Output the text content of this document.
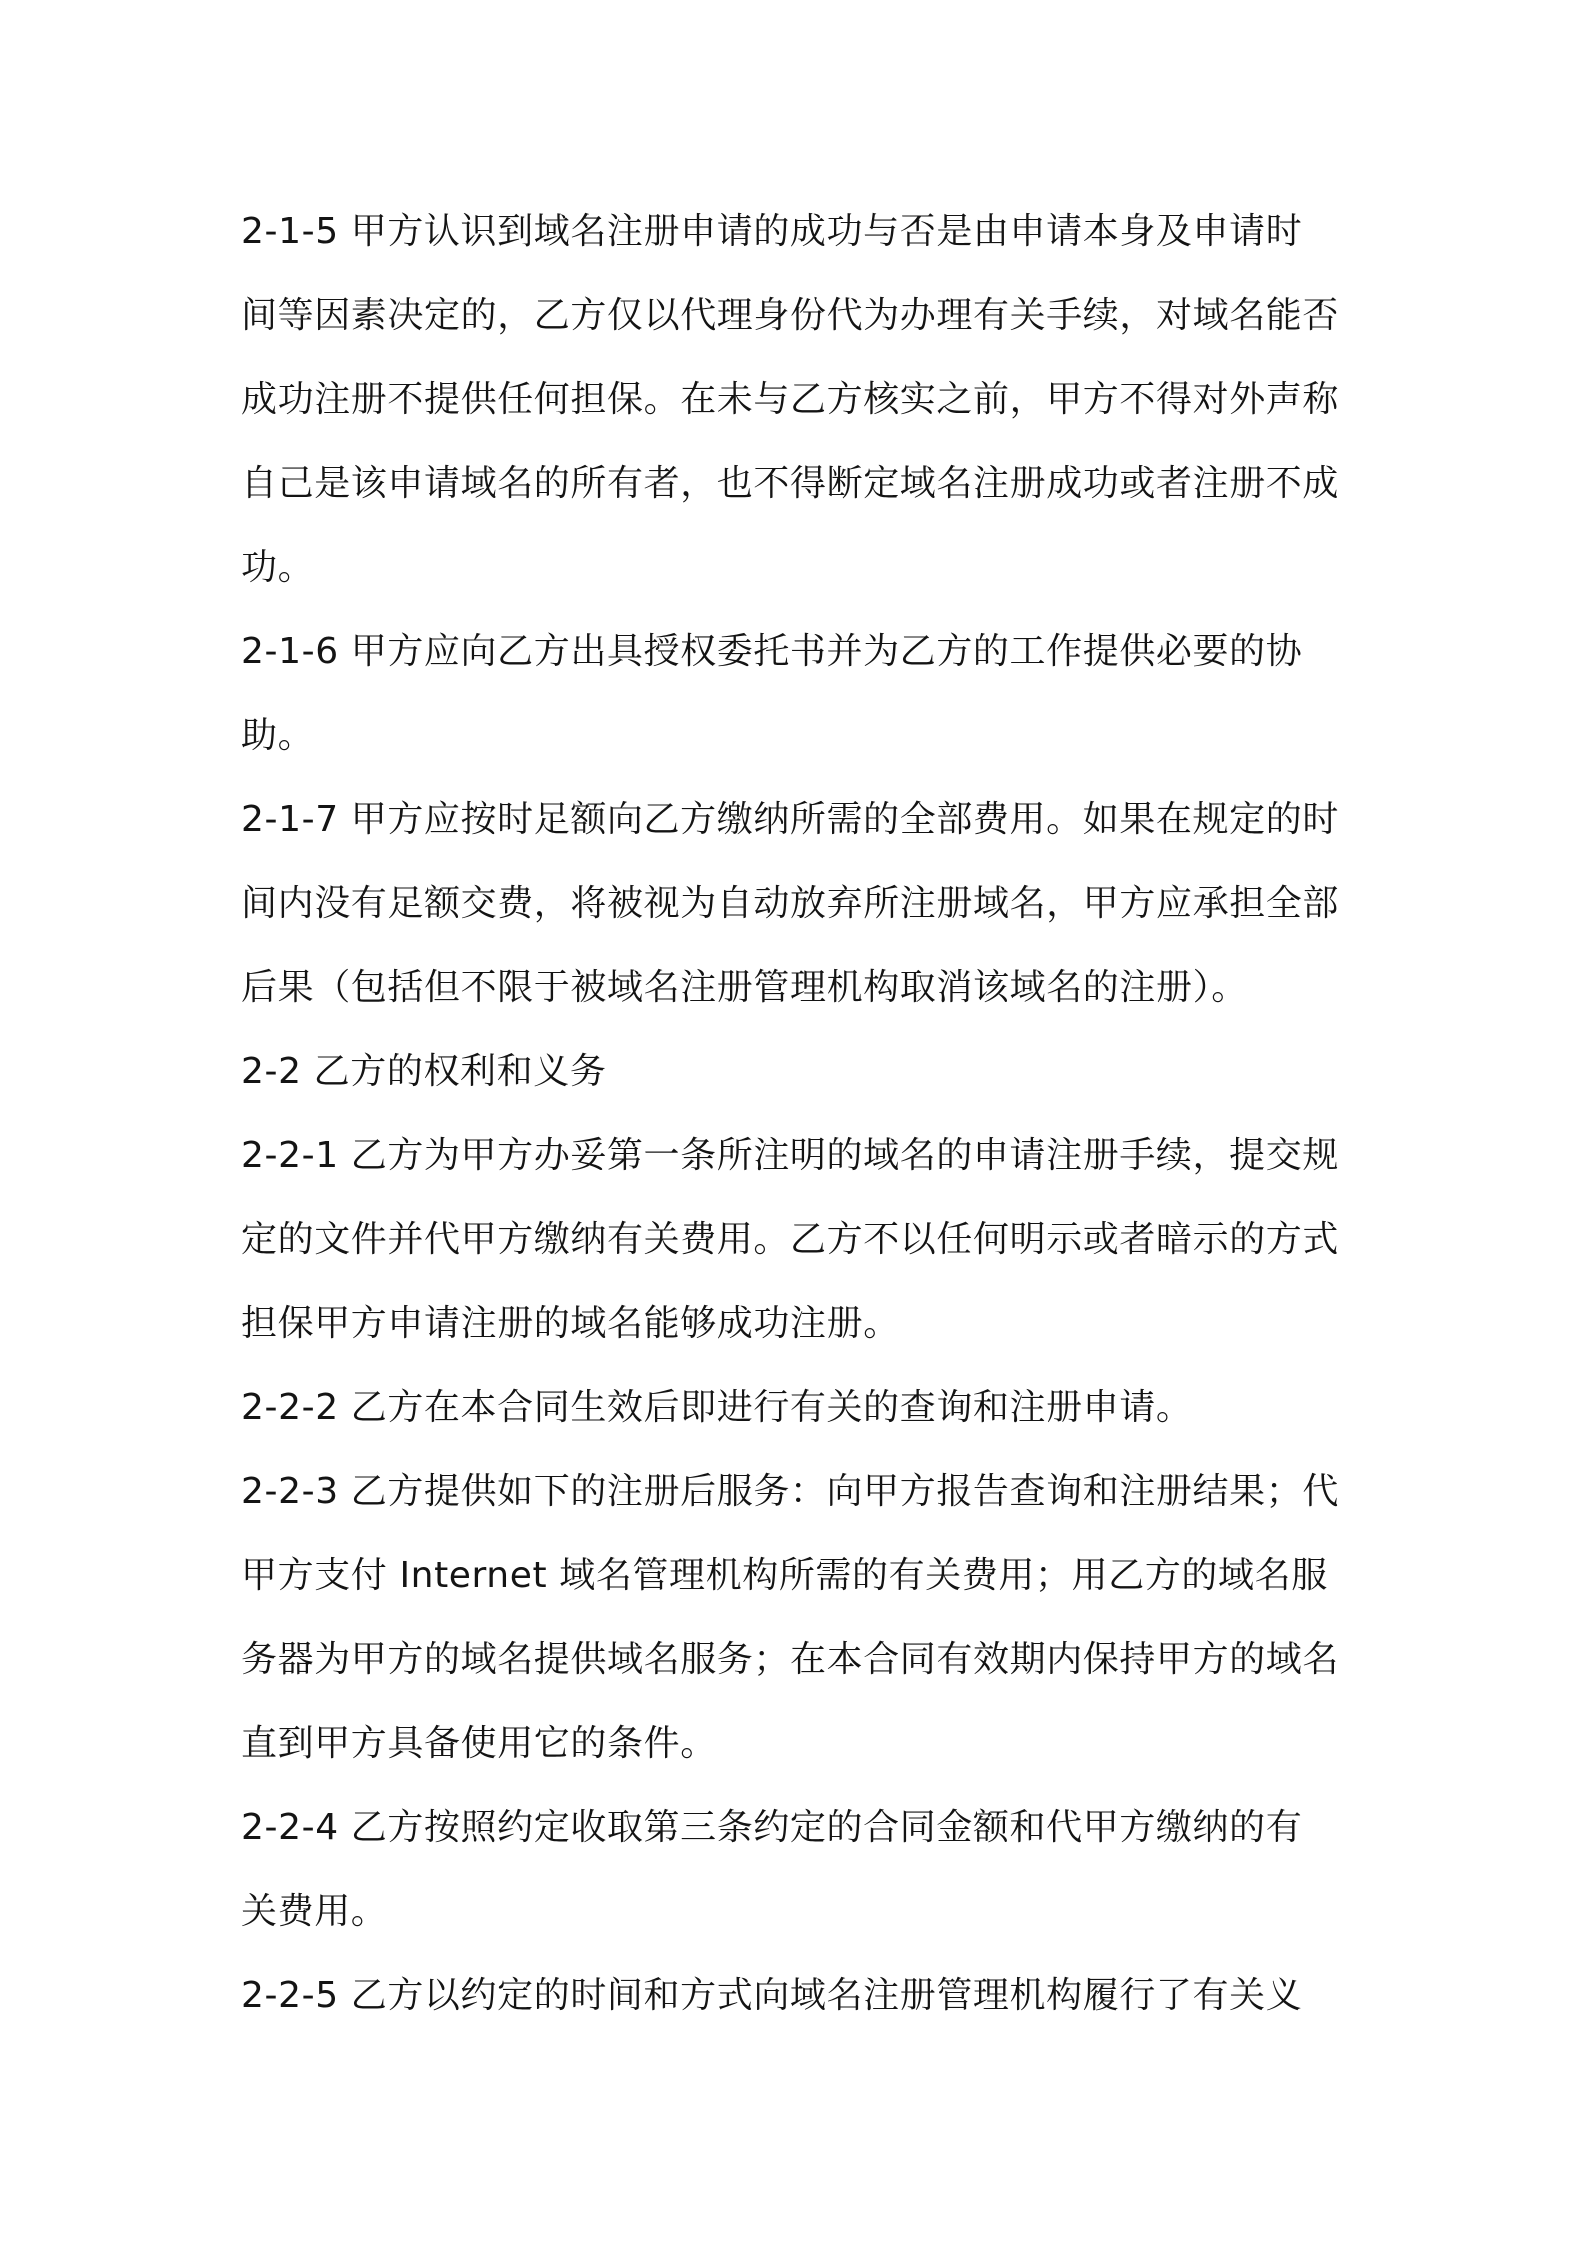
2-1-5 甲方认识到域名注册申请的成功与否是由申请本身及申请时
间等因素决定的，乙方仅以代理身份代为办理有关手续，对域名能否
成功注册不提供任何担保。在未与乙方核实之前，甲方不得对外声称
自己是该申请域名的所有者，也不得断定域名注册成功或者注册不成
功。
2-1-6 甲方应向乙方出具授权委托书并为乙方的工作提供必要的协
助。
2-1-7 甲方应按时足额向乙方缴纳所需的全部费用。如果在规定的时
间内没有足额交费，将被视为自动放弃所注册域名，甲方应承担全部
后果（包括但不限于被域名注册管理机构取消该域名的注册）。
2-2 乙方的权利和义务
2-2-1 乙方为甲方办妥第一条所注明的域名的申请注册手续，提交规
定的文件并代甲方缴纳有关费用。乙方不以任何明示或者暗示的方式
担保甲方申请注册的域名能够成功注册。
2-2-2 乙方在本合同生效后即进行有关的查询和注册申请。
2-2-3 乙方提供如下的注册后服务：向甲方报告查询和注册结果；代
甲方支付 Internet 域名管理机构所需的有关费用；用乙方的域名服
务器为甲方的域名提供域名服务；在本合同有效期内保持甲方的域名
直到甲方具备使用它的条件。
2-2-4 乙方按照约定收取第三条约定的合同金额和代甲方缴纳的有
关费用。
2-2-5 乙方以约定的时间和方式向域名注册管理机构履行了有关义
